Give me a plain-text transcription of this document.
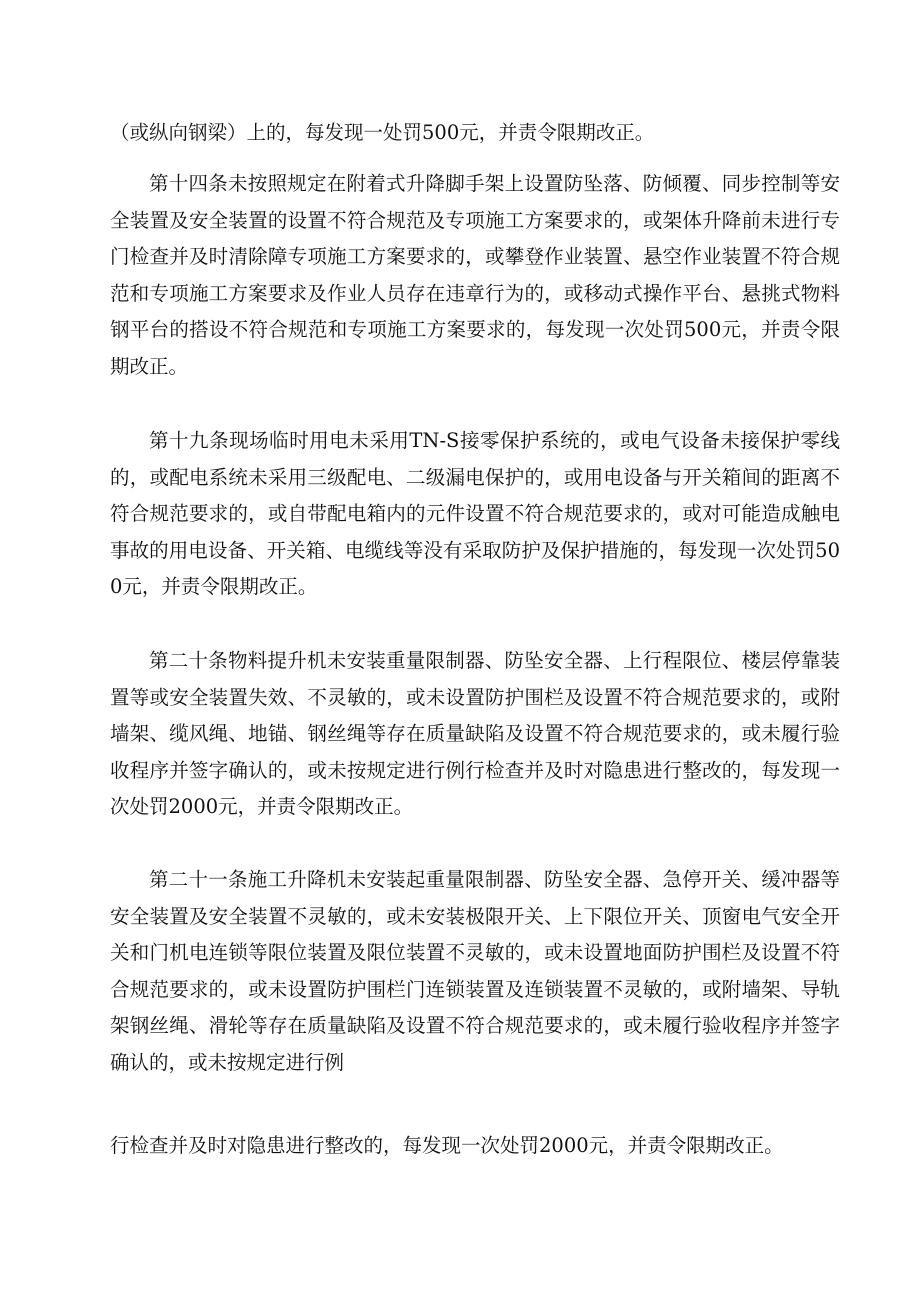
（或纵向钢梁）上的，每发现一处罚500元，并责令限期改正。

第十四条未按照规定在附着式升降脚手架上设置防坠落、防倾覆、同步控制等安全装置及安全装置的设置不符合规范及专项施工方案要求的，或架体升降前未进行专门检查并及时清除障专项施工方案要求的，或攀登作业装置、悬空作业装置不符合规范和专项施工方案要求及作业人员存在违章行为的，或移动式操作平台、悬挑式物料钢平台的搭设不符合规范和专项施工方案要求的，每发现一次处罚500元，并责令限期改正。

第十九条现场临时用电未采用TN-S接零保护系统的，或电气设备未接保护零线的，或配电系统未采用三级配电、二级漏电保护的，或用电设备与开关箱间的距离不符合规范要求的，或自带配电箱内的元件设置不符合规范要求的，或对可能造成触电事故的用电设备、开关箱、电缆线等没有采取防护及保护措施的，每发现一次处罚500元，并责令限期改正。

第二十条物料提升机未安装重量限制器、防坠安全器、上行程限位、楼层停靠装置等或安全装置失效、不灵敏的，或未设置防护围栏及设置不符合规范要求的，或附墙架、缆风绳、地锚、钢丝绳等存在质量缺陷及设置不符合规范要求的，或未履行验收程序并签字确认的，或未按规定进行例行检查并及时对隐患进行整改的，每发现一次处罚2000元，并责令限期改正。

第二十一条施工升降机未安装起重量限制器、防坠安全器、急停开关、缓冲器等安全装置及安全装置不灵敏的，或未安装极限开关、上下限位开关、顶窗电气安全开关和门机电连锁等限位装置及限位装置不灵敏的，或未设置地面防护围栏及设置不符合规范要求的，或未设置防护围栏门连锁装置及连锁装置不灵敏的，或附墙架、导轨架钢丝绳、滑轮等存在质量缺陷及设置不符合规范要求的，或未履行验收程序并签字确认的，或未按规定进行例

行检查并及时对隐患进行整改的，每发现一次处罚2000元，并责令限期改正。
